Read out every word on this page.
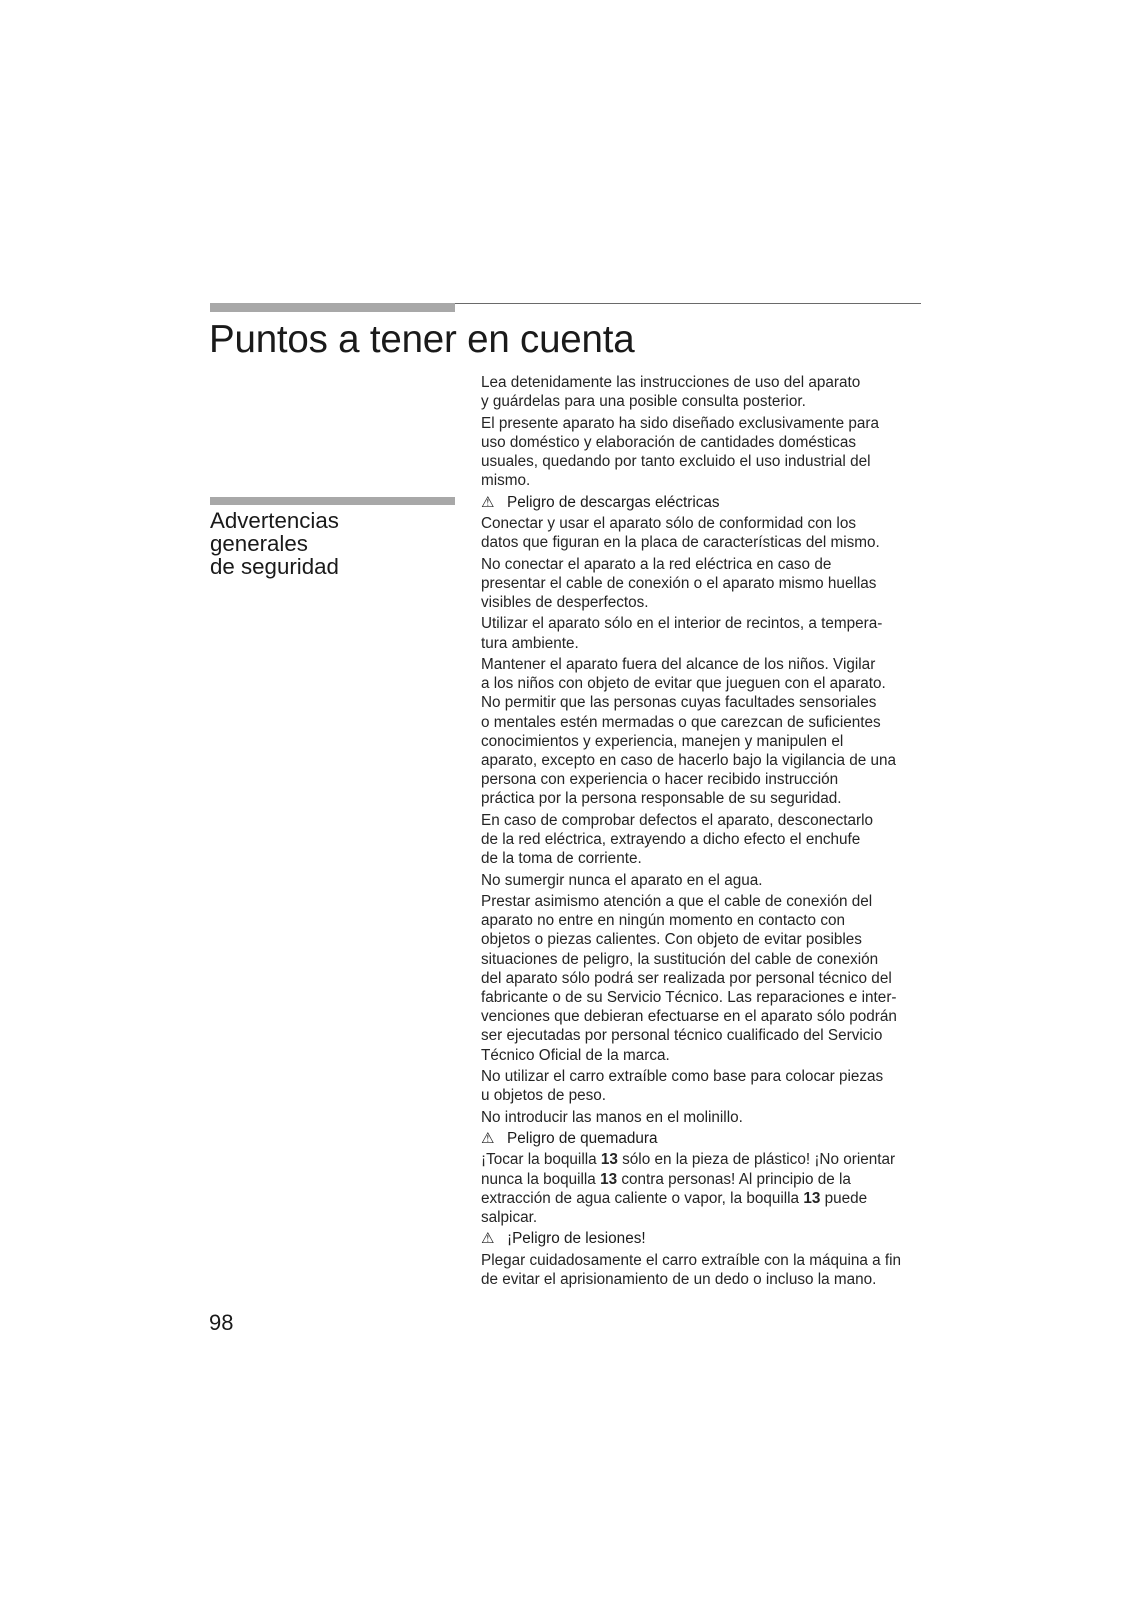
Puntos a tener en cuenta
Advertencias
generales
de seguridad

Lea detenidamente las instrucciones de uso del aparato
y guárdelas para una posible consulta posterior.

El presente aparato ha sido diseñado exclusivamente para
uso doméstico y elaboración de cantidades domésticas
usuales, quedando por tanto excluido el uso industrial del
mismo.

⚠ Peligro de descargas eléctricas

Conectar y usar el aparato sólo de conformidad con los
datos que figuran en la placa de características del mismo.

No conectar el aparato a la red eléctrica en caso de
presentar el cable de conexión o el aparato mismo huellas
visibles de desperfectos.

Utilizar el aparato sólo en el interior de recintos, a tempera-
tura ambiente.

Mantener el aparato fuera del alcance de los niños. Vigilar
a los niños con objeto de evitar que jueguen con el aparato.
No permitir que las personas cuyas facultades sensoriales
o mentales estén mermadas o que carezcan de suficientes
conocimientos y experiencia, manejen y manipulen el
aparato, excepto en caso de hacerlo bajo la vigilancia de una
persona con experiencia o hacer recibido instrucción
práctica por la persona responsable de su seguridad.

En caso de comprobar defectos el aparato, desconectarlo
de la red eléctrica, extrayendo a dicho efecto el enchufe
de la toma de corriente.

No sumergir nunca el aparato en el agua.

Prestar asimismo atención a que el cable de conexión del
aparato no entre en ningún momento en contacto con
objetos o piezas calientes. Con objeto de evitar posibles
situaciones de peligro, la sustitución del cable de conexión
del aparato sólo podrá ser realizada por personal técnico del
fabricante o de su Servicio Técnico. Las reparaciones e inter-
venciones que debieran efectuarse en el aparato sólo podrán
ser ejecutadas por personal técnico cualificado del Servicio
Técnico Oficial de la marca.

No utilizar el carro extraíble como base para colocar piezas
u objetos de peso.

No introducir las manos en el molinillo.

⚠ Peligro de quemadura

¡Tocar la boquilla 13 sólo en la pieza de plástico! ¡No orientar
nunca la boquilla 13 contra personas! Al principio de la
extracción de agua caliente o vapor, la boquilla 13 puede
salpicar.

⚠ ¡Peligro de lesiones!

Plegar cuidadosamente el carro extraíble con la máquina a fin
de evitar el aprisionamiento de un dedo o incluso la mano.

98
